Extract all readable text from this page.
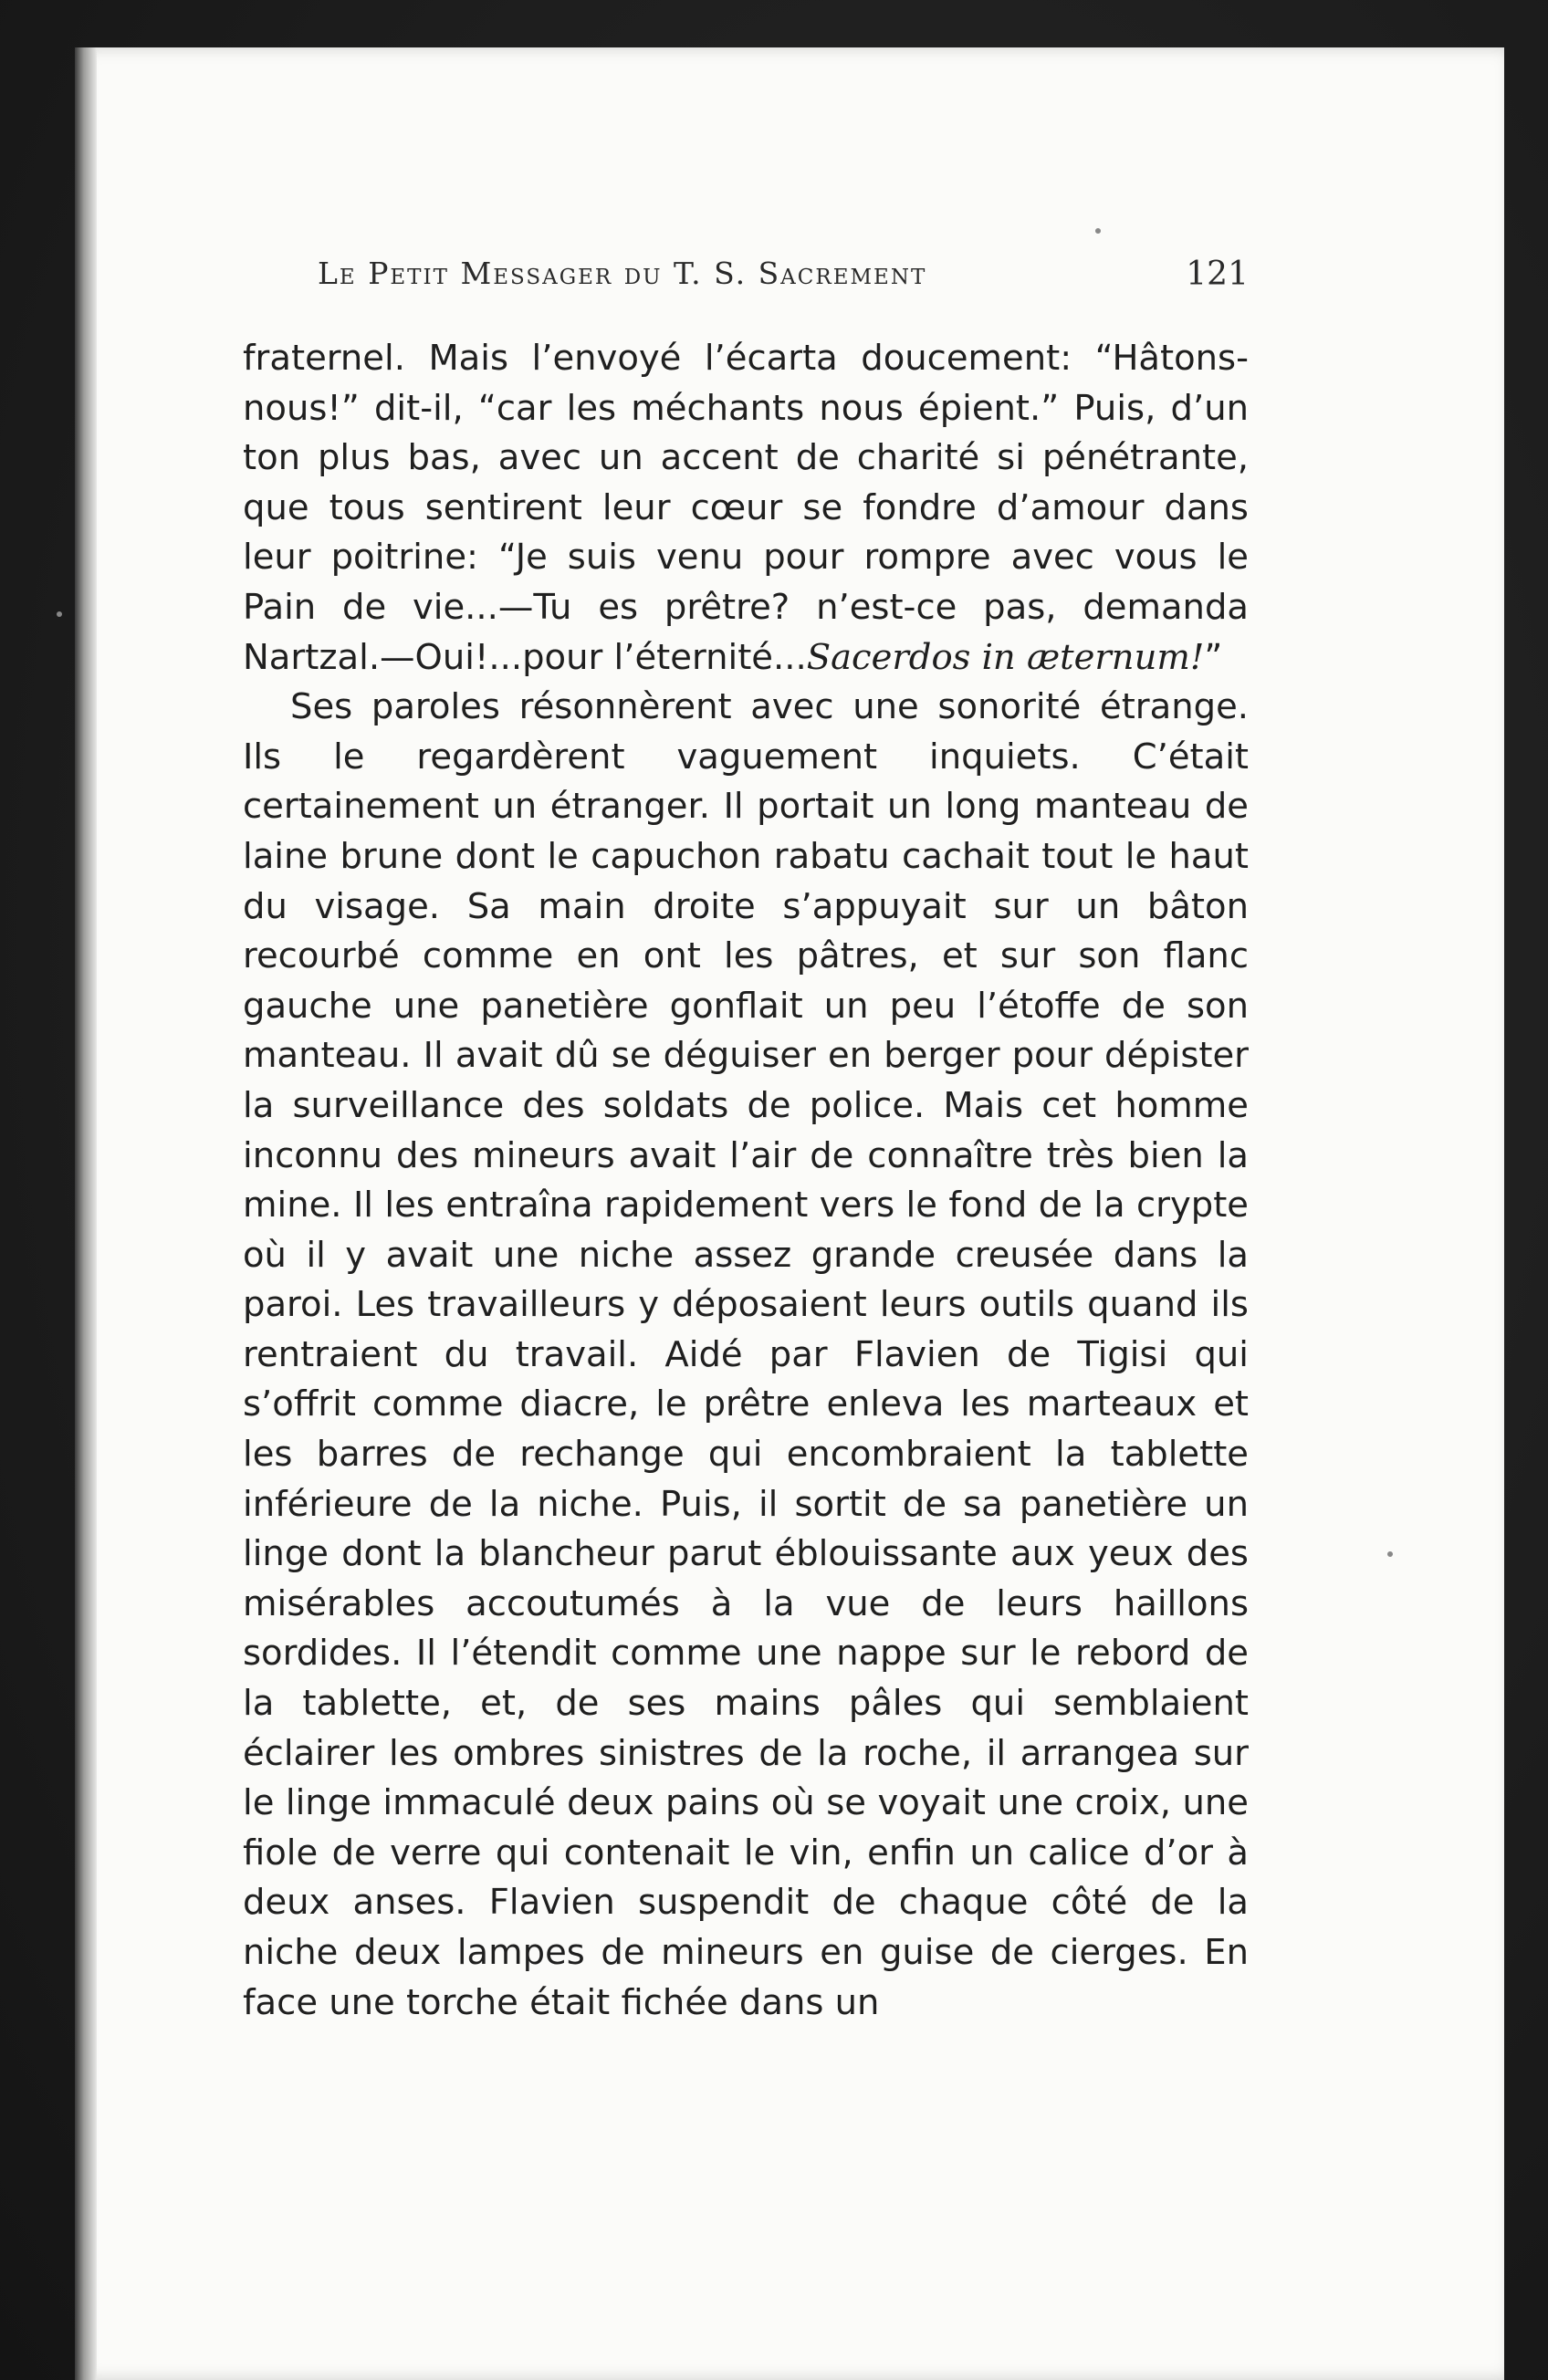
Le Petit Messager du T. S. Sacrement	121

fraternel. Mais l’envoyé l’écarta doucement: “Hâtons-nous!” dit-il, “car les méchants nous épient.” Puis, d’un ton plus bas, avec un accent de charité si pénétrante, que tous sentirent leur cœur se fondre d’amour dans leur poitrine: “Je suis venu pour rompre avec vous le Pain de vie...—Tu es prêtre? n’est-ce pas, demanda Nartzal.—Oui!...pour l’éternité...Sacerdos in æternum!”

Ses paroles résonnèrent avec une sonorité étrange. Ils le regardèrent vaguement inquiets. C’était certainement un étranger. Il portait un long manteau de laine brune dont le capuchon rabatu cachait tout le haut du visage. Sa main droite s’appuyait sur un bâton recourbé comme en ont les pâtres, et sur son flanc gauche une panetière gonflait un peu l’étoffe de son manteau. Il avait dû se déguiser en berger pour dépister la surveillance des soldats de police. Mais cet homme inconnu des mineurs avait l’air de connaître très bien la mine. Il les entraîna rapidement vers le fond de la crypte où il y avait une niche assez grande creusée dans la paroi. Les travailleurs y déposaient leurs outils quand ils rentraient du travail. Aidé par Flavien de Tigisi qui s’offrit comme diacre, le prêtre enleva les marteaux et les barres de rechange qui encombraient la tablette inférieure de la niche. Puis, il sortit de sa panetière un linge dont la blancheur parut éblouissante aux yeux des misérables accoutumés à la vue de leurs haillons sordides. Il l’étendit comme une nappe sur le rebord de la tablette, et, de ses mains pâles qui semblaient éclairer les ombres sinistres de la roche, il arrangea sur le linge immaculé deux pains où se voyait une croix, une fiole de verre qui contenait le vin, enfin un calice d’or à deux anses. Flavien suspendit de chaque côté de la niche deux lampes de mineurs en guise de cierges. En face une torche était fichée dans un
